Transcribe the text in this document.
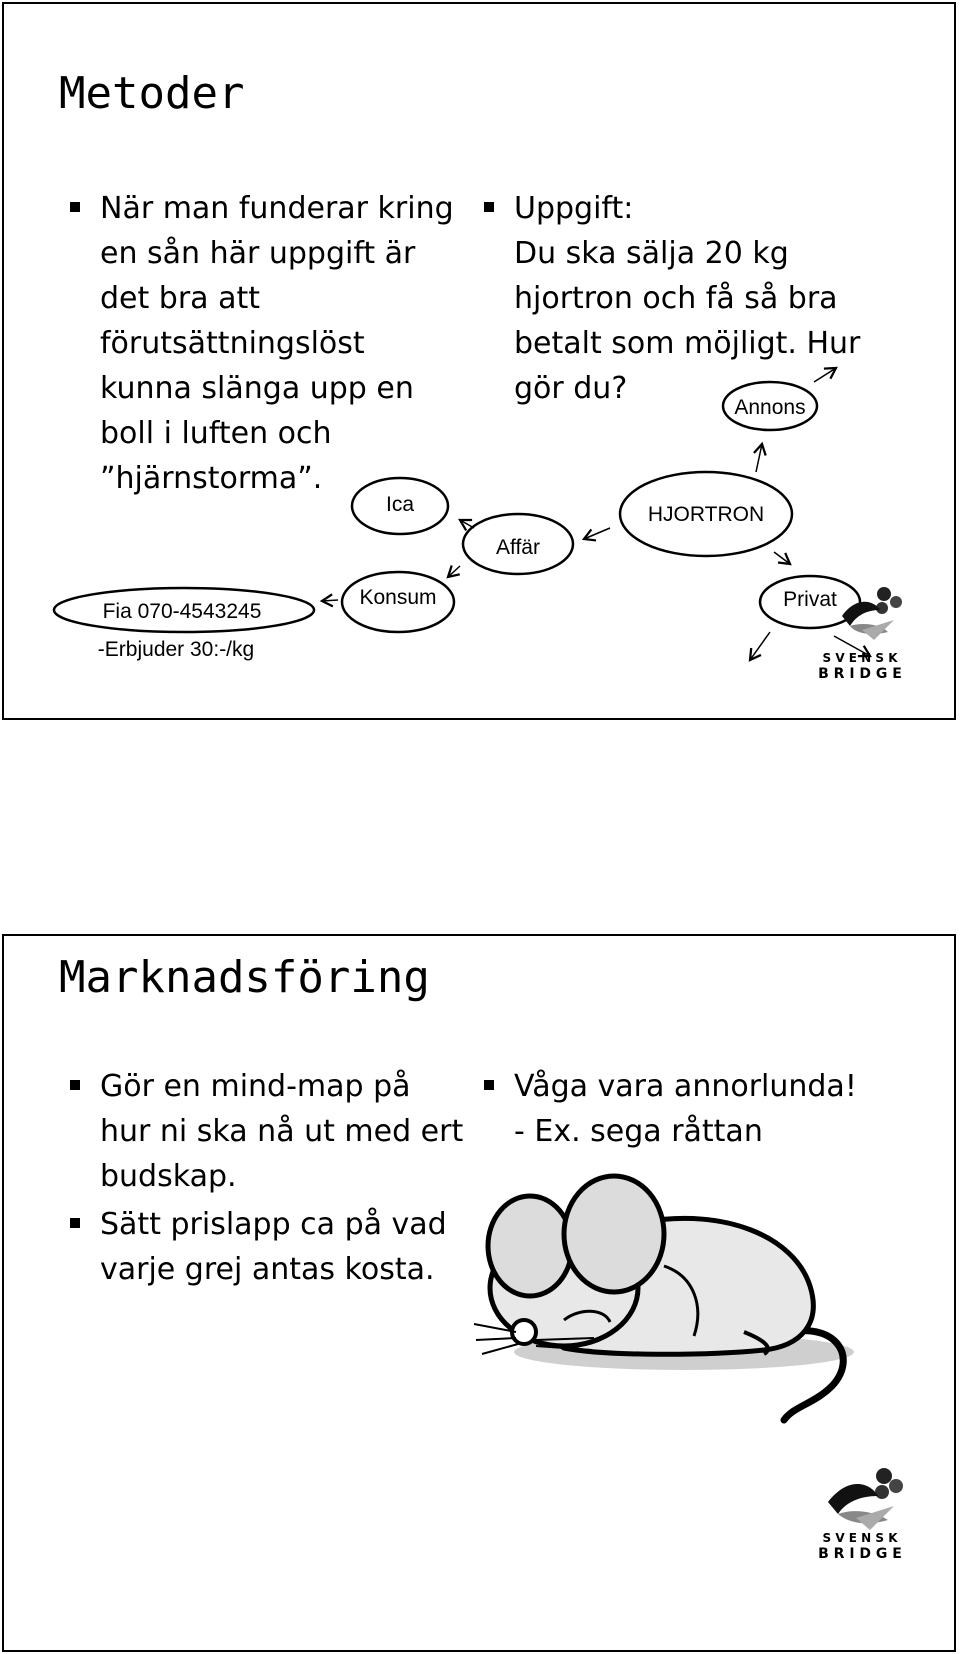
Metoder
När man funderar kring
en sån här uppgift är
det bra att
förutsättningslöst
kunna slänga upp en
boll i luften och
”hjärnstorma”.
Uppgift:
Du ska sälja 20 kg
hjortron och få så bra
betalt som möjligt. Hur
gör du?
Annons
HJORTRON
Ica
Affär
Konsum	Privat
Fia 070-4543245
-Erbjuder 30:-/kg	S V E N S K
B R I D G E
Marknadsföring
Gör en mind-map på
hur ni ska nå ut med ert
budskap.
Sätt prislapp ca på vad
varje grej antas kosta.
Våga vara annorlunda!
- Ex. sega råttan
S V E N S K
B R I D G E
